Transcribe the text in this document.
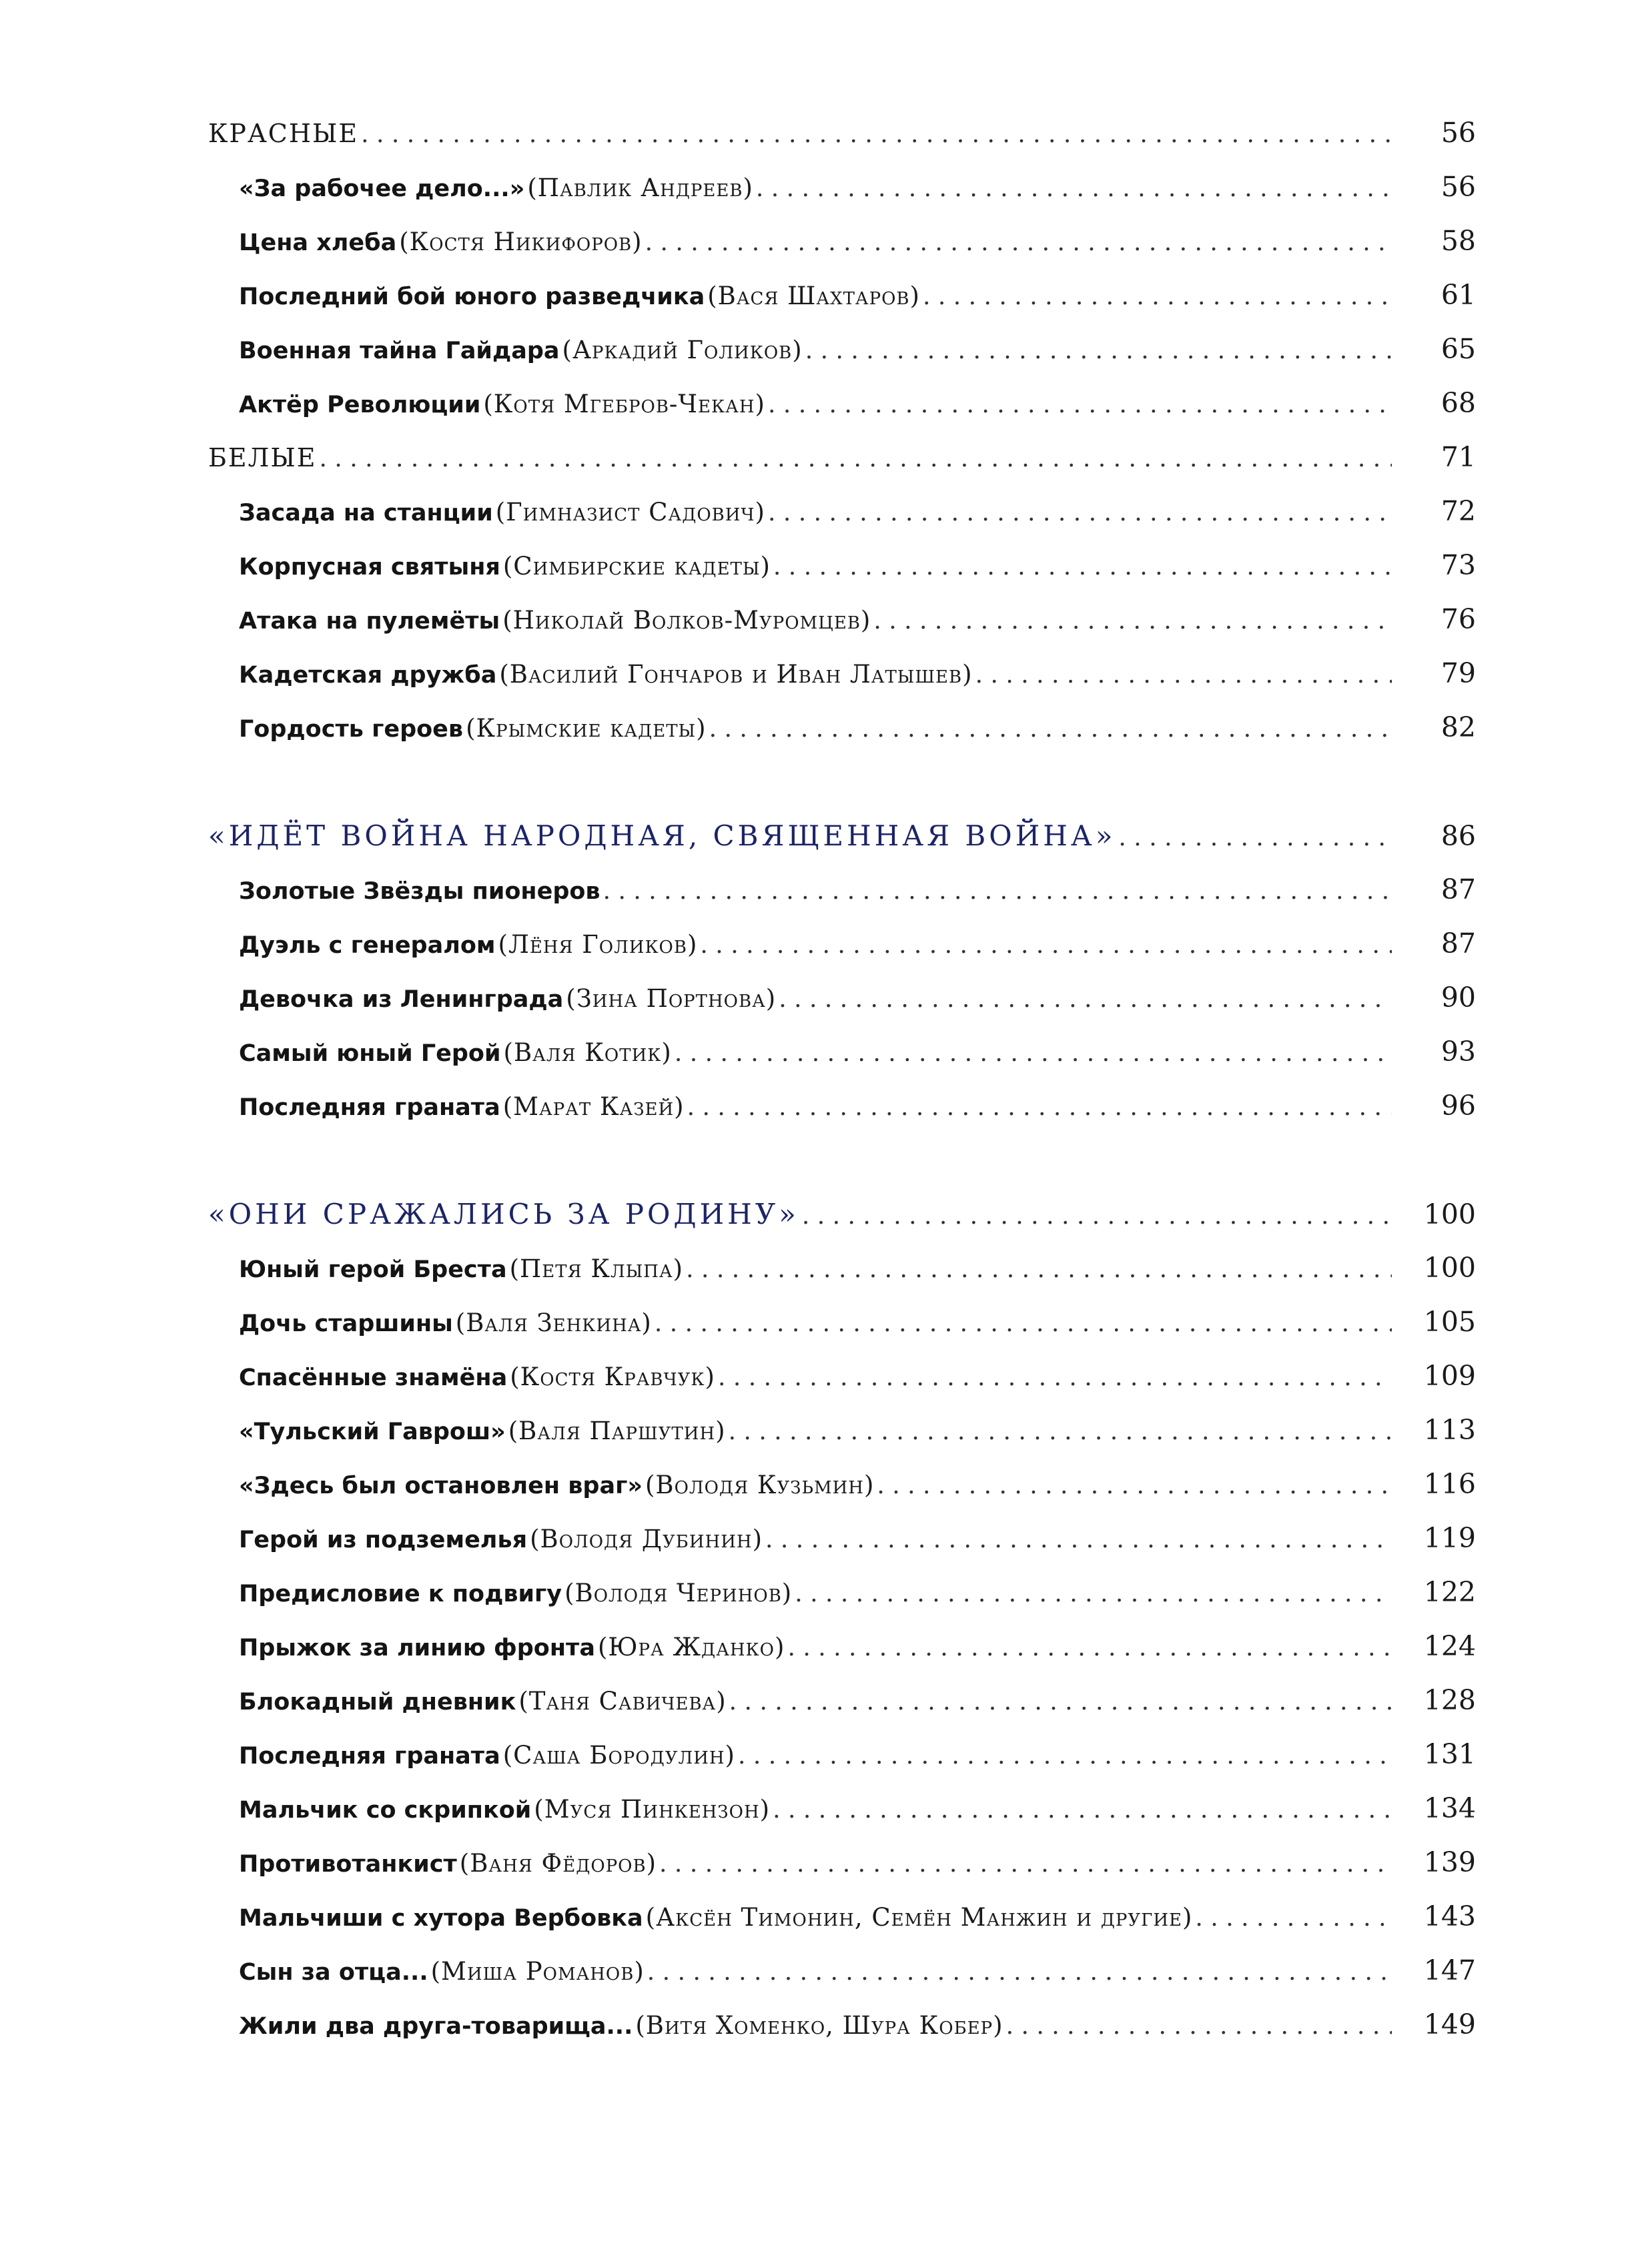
КРАСНЫЕ . . .	56
«За рабочее дело...» (Павлик Андреев) . . .	56
Цена хлеба (Костя Никифоров) . . .	58
Последний бой юного разведчика (Вася Шахтаров) . . .	61
Военная тайна Гайдара (Аркадий Голиков) . . .	65
Актёр Революции (Котя Мгебров-Чекан) . . .	68
БЕЛЫЕ . . .	71
Засада на станции (Гимназист Садович) . . .	72
Корпусная святыня (Симбирские кадеты) . . .	73
Атака на пулемёты (Николай Волков-Муромцев) . . .	76
Кадетская дружба (Василий Гончаров и Иван Латышев) . . .	79
Гордость героев (Крымские кадеты) . . .	82
«ИДЁТ ВОЙНА НАРОДНАЯ, СВЯЩЕННАЯ ВОЙНА» . . .	86
Золотые Звёзды пионеров . . .	87
Дуэль с генералом (Лёня Голиков) . . .	87
Девочка из Ленинграда (Зина Портнова) . . .	90
Самый юный Герой (Валя Котик) . . .	93
Последняя граната (Марат Казей) . . .	96
«ОНИ СРАЖАЛИСЬ ЗА РОДИНУ» . . .	100
Юный герой Бреста (Петя Клыпа) . . .	100
Дочь старшины (Валя Зенкина) . . .	105
Спасённые знамёна (Костя Кравчук) . . .	109
«Тульский Гаврош» (Валя Паршутин) . . .	113
«Здесь был остановлен враг» (Володя Кузьмин) . . .	116
Герой из подземелья (Володя Дубинин) . . .	119
Предисловие к подвигу (Володя Черинов) . . .	122
Прыжок за линию фронта (Юра Жданко) . . .	124
Блокадный дневник (Таня Савичева) . . .	128
Последняя граната (Саша Бородулин) . . .	131
Мальчик со скрипкой (Муся Пинкензон) . . .	134
Противотанкист (Ваня Фёдоров) . . .	139
Мальчиши с хутора Вербовка (Аксён Тимонин, Семён Манжин и другие) . . .	143
Сын за отца... (Миша Романов) . . .	147
Жили два друга-товарища... (Витя Хоменко, Шура Кобер) . . .	149
